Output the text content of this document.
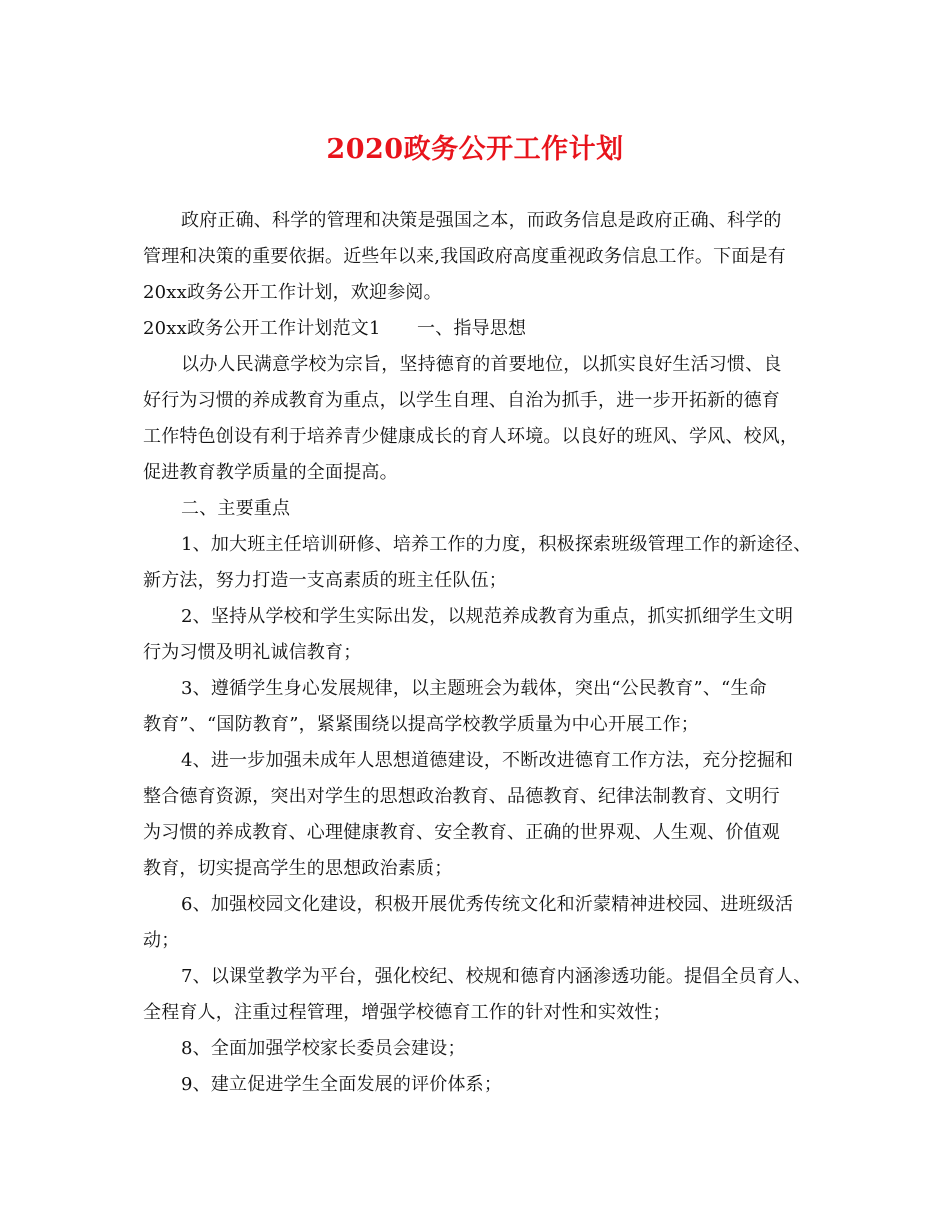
2020政务公开工作计划
政府正确、科学的管理和决策是强国之本，而政务信息是政府正确、科学的
管理和决策的重要依据。近些年以来,我国政府高度重视政务信息工作。下面是有
20xx政务公开工作计划，欢迎参阅。
20xx政务公开工作计划范文1　　一、指导思想
以办人民满意学校为宗旨，坚持德育的首要地位，以抓实良好生活习惯、良
好行为习惯的养成教育为重点，以学生自理、自治为抓手，进一步开拓新的德育
工作特色创设有利于培养青少健康成长的育人环境。以良好的班风、学风、校风，
促进教育教学质量的全面提高。
二、主要重点
1、加大班主任培训研修、培养工作的力度，积极探索班级管理工作的新途径、
新方法，努力打造一支高素质的班主任队伍；
2、坚持从学校和学生实际出发，以规范养成教育为重点，抓实抓细学生文明
行为习惯及明礼诚信教育；
3、遵循学生身心发展规律，以主题班会为载体，突出“公民教育”、“生命
教育”、“国防教育”，紧紧围绕以提高学校教学质量为中心开展工作；
4、进一步加强未成年人思想道德建设，不断改进德育工作方法，充分挖掘和
整合德育资源，突出对学生的思想政治教育、品德教育、纪律法制教育、文明行
为习惯的养成教育、心理健康教育、安全教育、正确的世界观、人生观、价值观
教育，切实提高学生的思想政治素质；
6、加强校园文化建设，积极开展优秀传统文化和沂蒙精神进校园、进班级活
动；
7、以课堂教学为平台，强化校纪、校规和德育内涵渗透功能。提倡全员育人、
全程育人，注重过程管理，增强学校德育工作的针对性和实效性；
8、全面加强学校家长委员会建设；
9、建立促进学生全面发展的评价体系；
